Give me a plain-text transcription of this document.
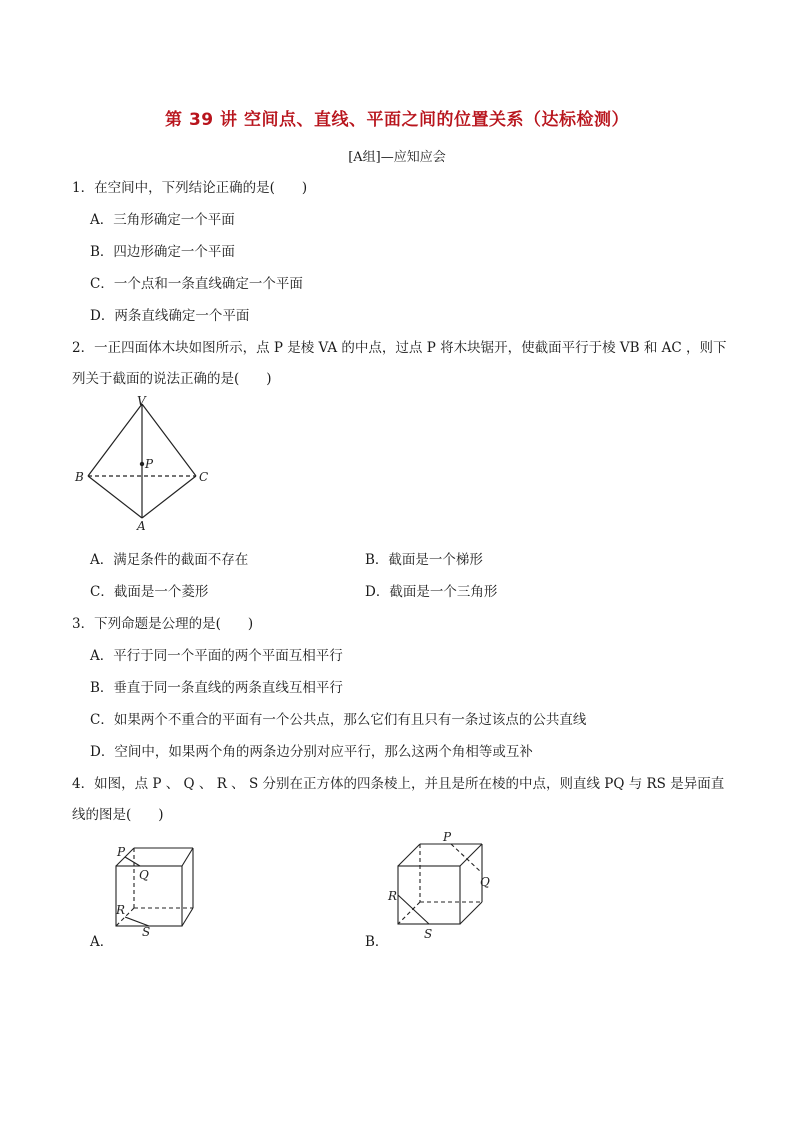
第 39 讲 空间点、直线、平面之间的位置关系（达标检测）
[A组]—应知应会
1．在空间中，下列结论正确的是(　　)
A．三角形确定一个平面
B．四边形确定一个平面
C．一个点和一条直线确定一个平面
D．两条直线确定一个平面
2．一正四面体木块如图所示，点 P 是棱 VA 的中点，过点 P 将木块锯开，使截面平行于棱 VB 和 AC ，则下
列关于截面的说法正确的是(　　)
V
B	C
A
P
A．满足条件的截面不存在	B．截面是一个梯形
C．截面是一个菱形	D．截面是一个三角形
3．下列命题是公理的是(　　)
A．平行于同一个平面的两个平面互相平行
B．垂直于同一条直线的两条直线互相平行
C．如果两个不重合的平面有一个公共点，那么它们有且只有一条过该点的公共直线
D．空间中，如果两个角的两条边分别对应平行，那么这两个角相等或互补
4．如图，点 P 、 Q 、 R 、 S 分别在正方体的四条棱上，并且是所在棱的中点，则直线 PQ 与 RS 是异面直
线的图是(　　)
P
Q
R
S
A．
P
Q
R
S
B．
